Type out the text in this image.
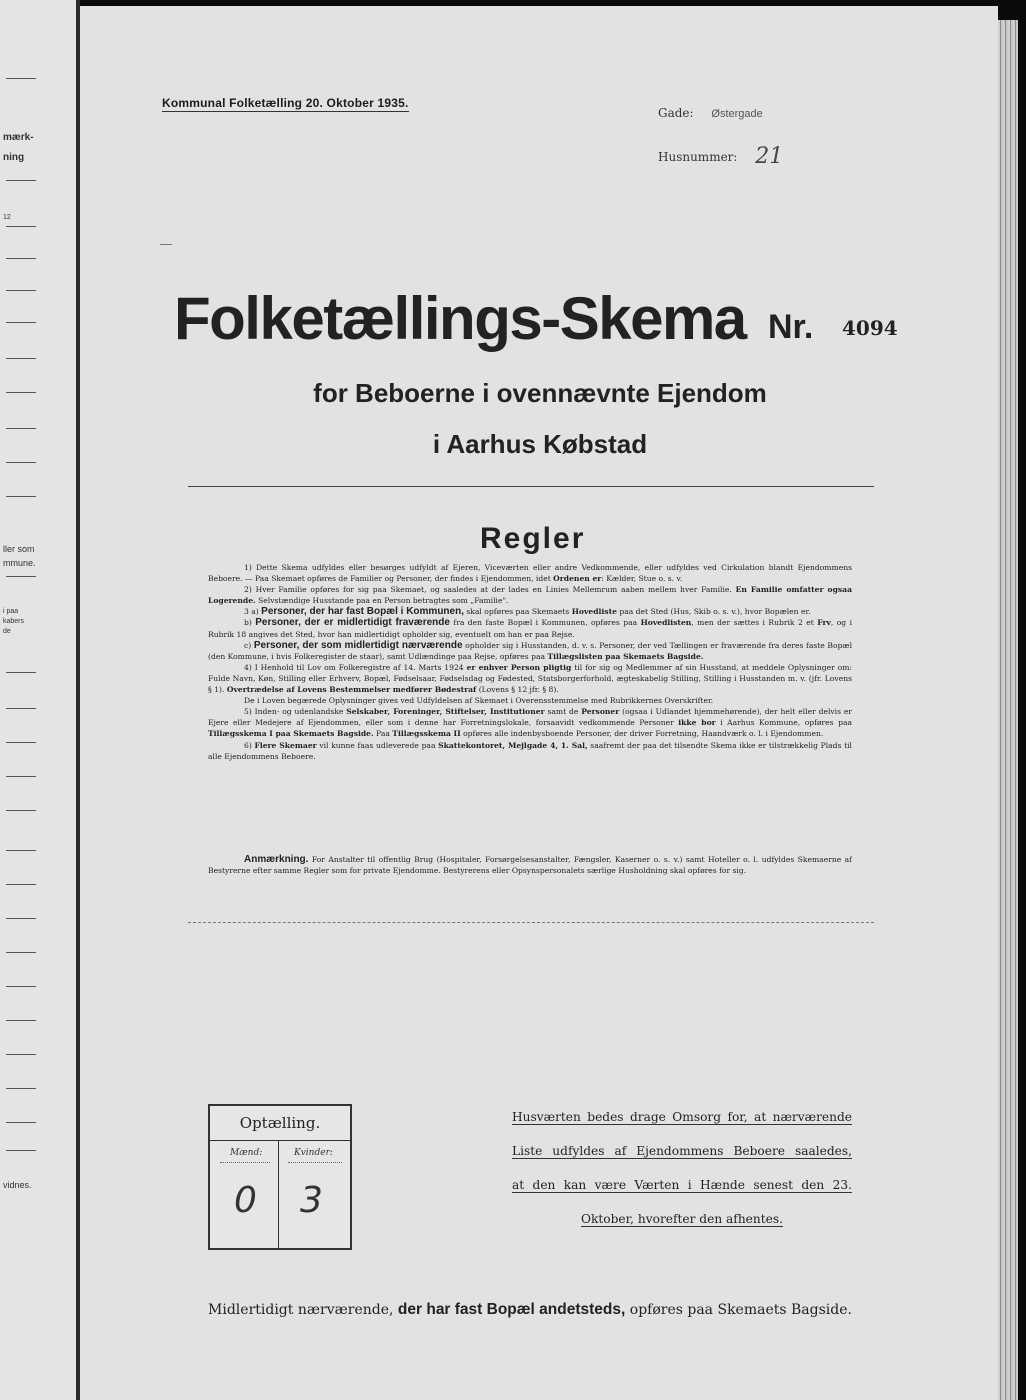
mærk-
ning
12
ller som
mmune.
i paa
kabers
de
vidnes.
Kommunal Folketælling 20. Oktober 1935.
Gade: Østergade
Husnummer: 21
Folketællings-Skema Nr. 4094
for Beboerne i ovennævnte Ejendom
i Aarhus Købstad
Regler

1) Dette Skema udfyldes eller besørges udfyldt af Ejeren, Viceværten eller andre Vedkommende, eller udfyldes ved Cirkulation blandt Ejendommens Beboere. — Paa Skemaet opføres de Familier og Personer, der findes i Ejendommen, idet Ordenen er: Kælder, Stue o. s. v.

2) Hver Familie opføres for sig paa Skemaet, og saaledes at der lades en Linies Mellemrum aaben mellem hver Familie. En Familie omfatter ogsaa Logerende. Selvstændige Husstande paa en Person betragtes som „Familie".

3 a) Personer, der har fast Bopæl i Kommunen, skal opføres paa Skemaets Hovedliste paa det Sted (Hus, Skib o. s. v.), hvor Bopælen er.

b) Personer, der er midlertidigt fraværende fra den faste Bopæl i Kommunen, opføres paa Hovedlisten, men der sættes i Rubrik 2 et Frv, og i Rubrik 18 angives det Sted, hvor han midlertidigt opholder sig, eventuelt om han er paa Rejse.

c) Personer, der som midlertidigt nærværende opholder sig i Husstanden, d. v. s. Personer, der ved Tællingen er fraværende fra deres faste Bopæl (den Kommune, i hvis Folkeregister de staar), samt Udlændinge paa Rejse, opføres paa Tillægslisten paa Skemaets Bagside.

4) I Henhold til Lov om Folkeregistre af 14. Marts 1924 er enhver Person pligtig til for sig og Medlemmer af sin Husstand, at meddele Oplysninger om: Fulde Navn, Køn, Stilling eller Erhverv, Bopæl, Fødselsaar, Fødselsdag og Fødested, Statsborgerforhold, ægteskabelig Stilling, Stilling i Husstanden m. v. (jfr. Lovens § 1). Overtrædelse af Lovens Bestemmelser medfører Bødestraf (Lovens § 12 jfr. § 8).

De i Loven begærede Oplysninger gives ved Udfyldelsen af Skemaet i Overensstemmelse med Rubrikkernes Overskrifter.

5) Inden- og udenlandske Selskaber, Foreninger, Stiftelser, Institutioner samt de Personer (ogsaa i Udlandet hjemmehørende), der helt eller delvis er Ejere eller Medejere af Ejendommen, eller som i denne har Forretningslokale, forsaavidt vedkommende Personer ikke bor i Aarhus Kommune, opføres paa Tillægsskema I paa Skemaets Bagside. Paa Tillægsskema II opføres alle indenbysboende Personer, der driver Forretning, Haandværk o. l. i Ejendommen.

6) Flere Skemaer vil kunne faas udleverede paa Skattekontoret, Mejlgade 4, 1. Sal, saafremt der paa det tilsendte Skema ikke er tilstrækkelig Plads til alle Ejendommens Beboere.

Anmærkning. For Anstalter til offentlig Brug (Hospitaler, Forsørgelsesanstalter, Fængsler, Kaserner o. s. v.) samt Hoteller o. l. udfyldes Skemaerne af Bestyrerne efter samme Regler som for private Ejendomme. Bestyrerens eller Opsynspersonalets særlige Husholdning skal opføres for sig.
Optælling.
Mænd:	Kvinder:
0 3
Husværten bedes drage Omsorg for, at nærværende
Liste udfyldes af Ejendommens Beboere saaledes,
at den kan være Værten i Hænde senest den 23.
Oktober, hvorefter den afhentes.
Midlertidigt nærværende, der har fast Bopæl andetsteds, opføres paa Skemaets Bagside.
